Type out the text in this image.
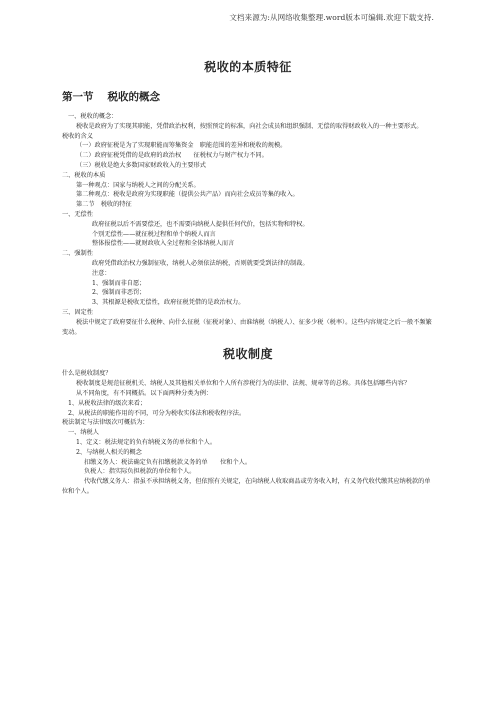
文档来源为:从网络收集整理.word版本可编辑.欢迎下载支持.
税收的本质特征
第一节 税收的概念

一、税收的概念：

税收是政府为了实现其职能，凭借政治权利，按照预定的标准，向社会成员和组织强制、无偿的取得财政收入的一种主要形式。

税收的含义

（一）政府征税是为了实现职能而筹集资金　职能范围的差异和税收的规模。

（二）政府征税凭借的是政府的政治权　　征税权力与财产权力不同。

（三）税收是绝大多数国家财政收入的主要形式

二、税收的本质

第一种观点：国家与纳税人之间的分配关系。

第二种观点：税收是政府为实现职能（提供公共产品）而向社会成员等集的收入。

第二节　税收的特征

一、无偿性

政府征税以后不需要偿还，也不需要向纳税人提供任何代价，包括实物和特权。

个别无偿性——就征税过程和单个纳税人而言

整体报偿性——就财政收入全过程和全体纳税人而言

二、强制性

政府凭借政治权力强制征收，纳税人必须依法纳税，否则就要受到法律的制裁。

注意：

1、强制而非自愿；

2、强制而非恶罚；

3、其根源是税收无偿性，政府征税凭借的是政治权力。

三、固定性

税法中规定了政府要征什么税种、向什么征税（征税对象）、由谁纳税（纳税人）、征多少税（税率）。这些内容规定之后一般不频繁变动。

税收制度

什么是税收制度？

税收制度是规范征税机关、纳税人及其他相关单位和个人所有涉税行为的法律、法规、规章等的总称。具体包括哪些内容？

从不同角度，有不同概括。以下面两种分类为例：

1、从税收法律的级次来看；

2、从税法的职能作用的不同，可分为税收实体法和税收程序法。

税法制定与法律级次可概括为：

一、纳税人

1、定义：税法规定的负有纳税义务的单位和个人。

2、与纳税人相关的概念

扣缴义务人：税法确定负有扣缴税款义务的单　　位和个人。

负税人：指实际负担税款的单位和个人。

代收代缴义务人：指虽不承担纳税义务，但依照有关规定，在向纳税人收取商品或劳务收入时，有义务代收代缴其应纳税款的单位和个人。
